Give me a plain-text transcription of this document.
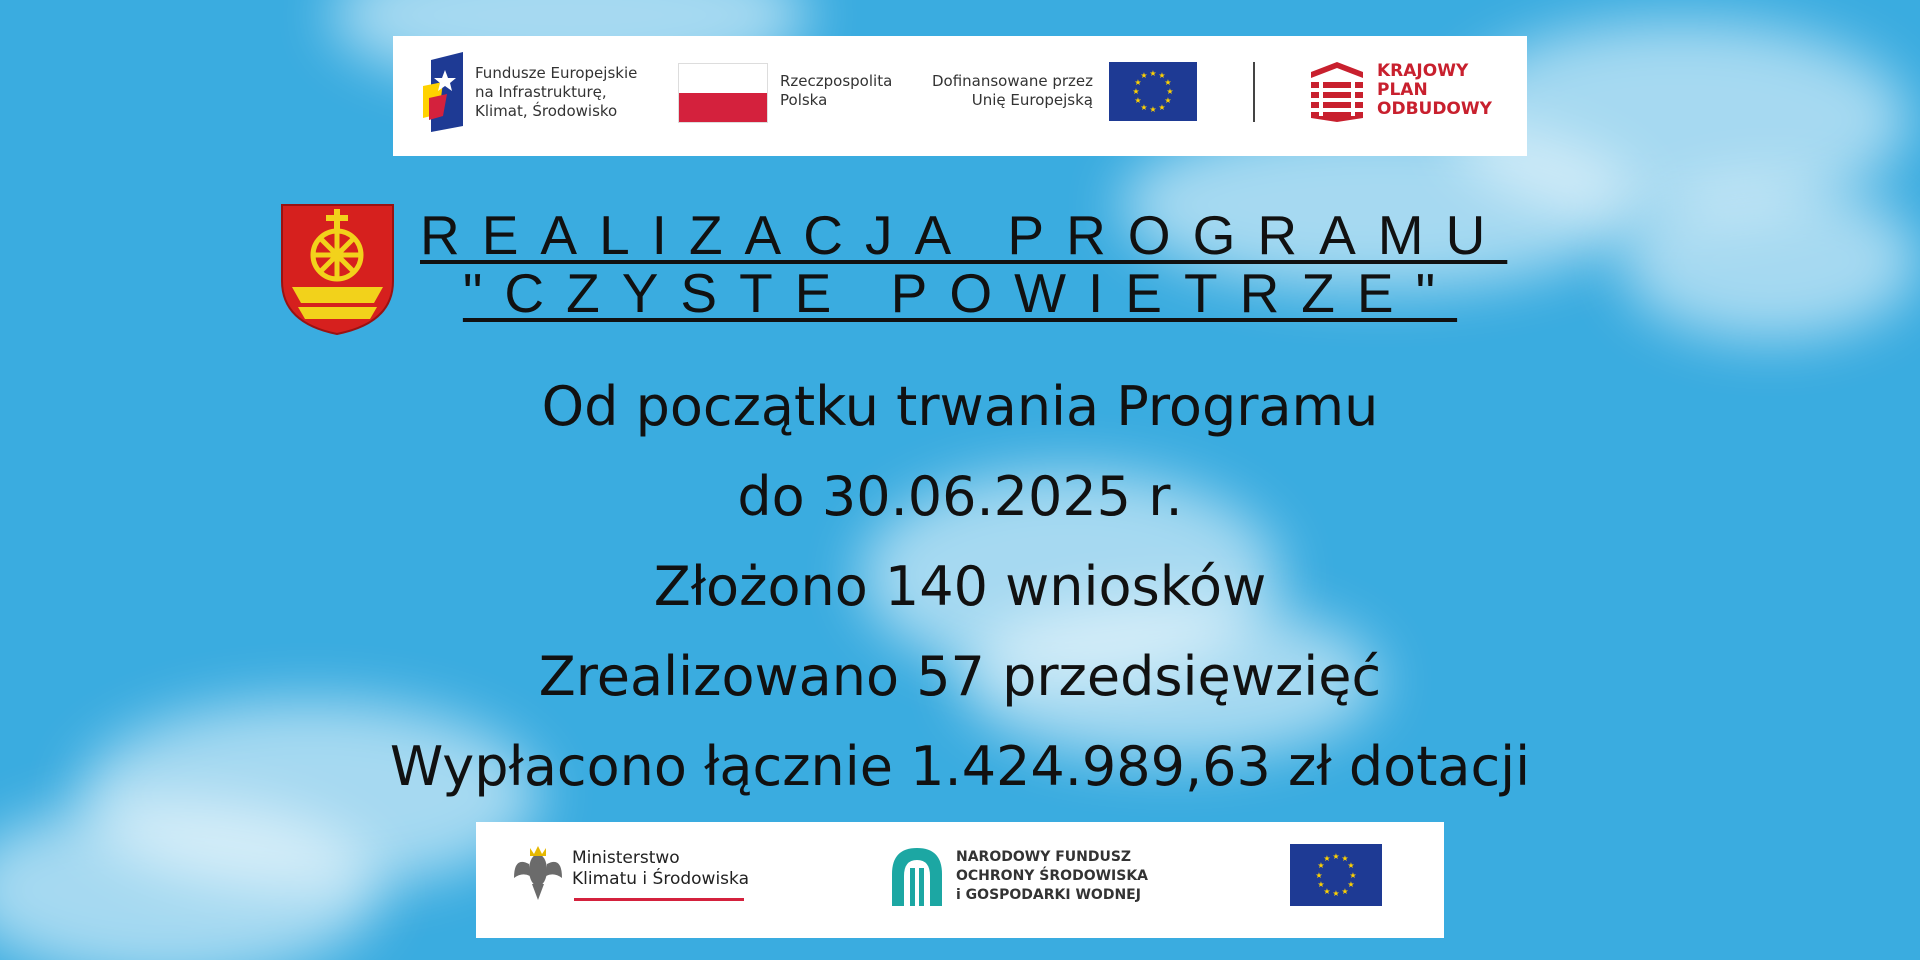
Fundusze Europejskie
na Infrastrukturę,
Klimat, Środowisko
Rzeczpospolita
Polska
Dofinansowane przez
Unię Europejską
★ ★
★
★
★
★
★
★
★
★
★
★	KRAJOWY
PLAN
ODBUDOWY
REALIZACJA PROGRAMU
"CZYSTE POWIETRZE"
Od początku trwania Programu
do 30.06.2025 r.
Złożono 140 wniosków
Zrealizowano 57 przedsięwzięć
Wypłacono łącznie 1.424.989,63 zł dotacji
Ministerstwo
Klimatu i Środowiska
NARODOWY FUNDUSZ
OCHRONY ŚRODOWISKA
i GOSPODARKI WODNEJ
★ ★
★
★
★
★
★
★
★
★
★
★
